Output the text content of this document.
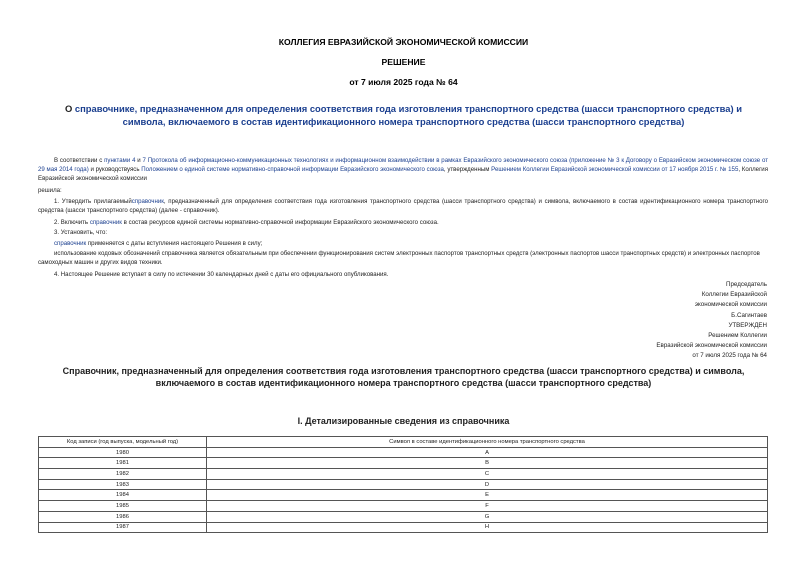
КОЛЛЕГИЯ ЕВРАЗИЙСКОЙ ЭКОНОМИЧЕСКОЙ КОМИССИИ
РЕШЕНИЕ
от 7 июля 2025 года № 64
О справочнике, предназначенном для определения соответствия года изготовления транспортного средства (шасси транспортного средства) и символа, включаемого в состав идентификационного номера транспортного средства (шасси транспортного средства)
В соответствии с пунктами 4 и 7 Протокола об информационно-коммуникационных технологиях и информационном взаимодействии в рамках Евразийского экономического союза (приложение № 3 к Договору о Евразийском экономическом союзе от 29 мая 2014 года) и руководствуясь Положением о единой системе нормативно-справочной информации Евразийского экономического союза, утвержденным Решением Коллегии Евразийской экономической комиссии от 17 ноября 2015 г. № 155, Коллегия Евразийской экономической комиссии
решила:
1. Утвердить прилагаемыйсправочник, предназначенный для определения соответствия года изготовления транспортного средства (шасси транспортного средства) и символа, включаемого в состав идентификационного номера транспортного средства (шасси транспортного средства) (далее - справочник).
2. Включить справочник в состав ресурсов единой системы нормативно-справочной информации Евразийского экономического союза.
3. Установить, что:
справочник применяется с даты вступления настоящего Решения в силу;
использование кодовых обозначений справочника является обязательным при обеспечении функционирования систем электронных паспортов транспортных средств (электронных паспортов шасси транспортных средств) и электронных паспортов самоходных машин и других видов техники.
4. Настоящее Решение вступает в силу по истечении 30 календарных дней с даты его официального опубликования.
Председатель
Коллегии Евразийской
экономической комиссии
Б.Сагинтаев
УТВЕРЖДЕН
Решением Коллегии
Евразийской экономической комиссии
от 7 июля 2025 года № 64
Справочник, предназначенный для определения соответствия года изготовления транспортного средства (шасси транспортного средства) и символа, включаемого в состав идентификационного номера транспортного средства (шасси транспортного средства)
I. Детализированные сведения из справочника
Код записи (год выпуска, модельный год)	Символ в составе идентификационного номера транспортного средства
1980	A
1981	B
1982	C
1983	D
1984	E
1985	F
1986	G
1987	H
